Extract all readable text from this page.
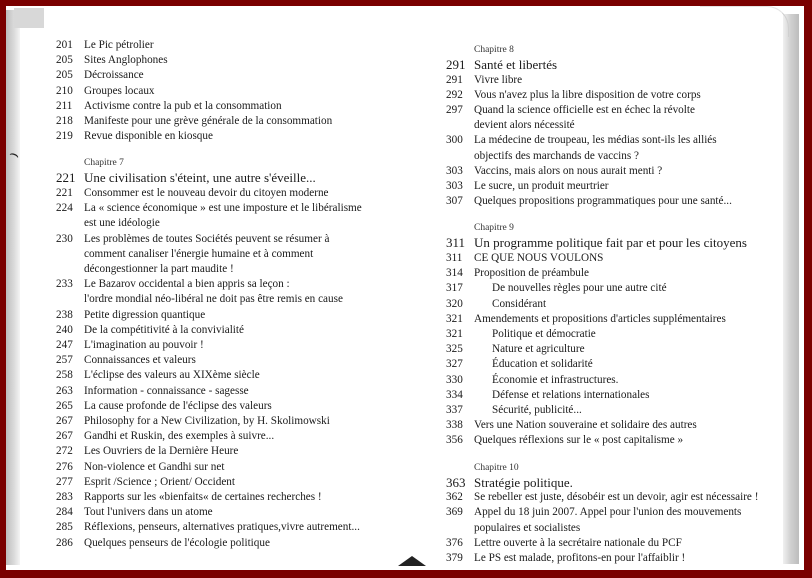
⌢
201	Le Pic pétrolier
205	Sites Anglophones
205	Décroissance
210	Groupes locaux
211	Activisme contre la pub et la consommation
218	Manifeste pour une grève générale de la consommation
219	Revue disponible en kiosque
Chapitre 7
221 Une civilisation s'éteint, une autre s'éveille...
221	Consommer est le nouveau devoir du citoyen moderne
224	La « science économique » est une imposture et le libéralisme
est une idéologie
230	Les problèmes de toutes Sociétés peuvent se résumer à
comment canaliser l'énergie humaine et à comment
décongestionner la part maudite !
233	Le Bazarov occidental a bien appris sa leçon :
l'ordre mondial néo-libéral ne doit pas être remis en cause
238	Petite digression quantique
240	De la compétitivité à la convivialité
247	L'imagination au pouvoir !
257	Connaissances et valeurs
258	L'éclipse des valeurs au XIXème siècle
263	Information - connaissance - sagesse
265	La cause profonde de l'éclipse des valeurs
267	Philosophy for a New Civilization, by H. Skolimowski
267	Gandhi et Ruskin, des exemples à suivre...
272	Les Ouvriers de la Dernière Heure
276	Non-violence et Gandhi sur net
277	Esprit /Science ; Orient/ Occident
283	Rapports sur les «bienfaits« de certaines recherches !
284	Tout l'univers dans un atome
285	Réflexions, penseurs, alternatives pratiques,vivre autrement...
286	Quelques penseurs de l'écologie politique
Chapitre 8
291 Santé et libertés
291	Vivre libre
292	Vous n'avez plus la libre disposition de votre corps
297	Quand la science officielle est en échec la révolte
devient alors nécessité
300	La médecine de troupeau, les médias sont-ils les alliés
objectifs des marchands de vaccins ?
303	Vaccins, mais alors on nous aurait menti ?
303	Le sucre, un produit meurtrier
307	Quelques propositions programmatiques pour une santé...
Chapitre 9
311 Un programme politique fait par et pour les citoyens
311	CE QUE NOUS VOULONS
314	Proposition de préambule
317	De nouvelles règles pour une autre cité
320	Considérant
321	Amendements et propositions d'articles supplémentaires
321	Politique et démocratie
325	Nature et agriculture
327	Éducation et solidarité
330	Économie et infrastructures.
334	Défense et relations internationales
337	Sécurité, publicité...
338	Vers une Nation souveraine et solidaire des autres
356	Quelques réflexions sur le « post capitalisme »
Chapitre 10
363 Stratégie politique.
362	Se rebeller est juste, désobéir est un devoir, agir est nécessaire !
369	Appel du 18 juin 2007. Appel pour l'union des mouvements
populaires et socialistes
376	Lettre ouverte à la secrétaire nationale du PCF
379	Le PS est malade, profitons-en pour l'affaiblir !
